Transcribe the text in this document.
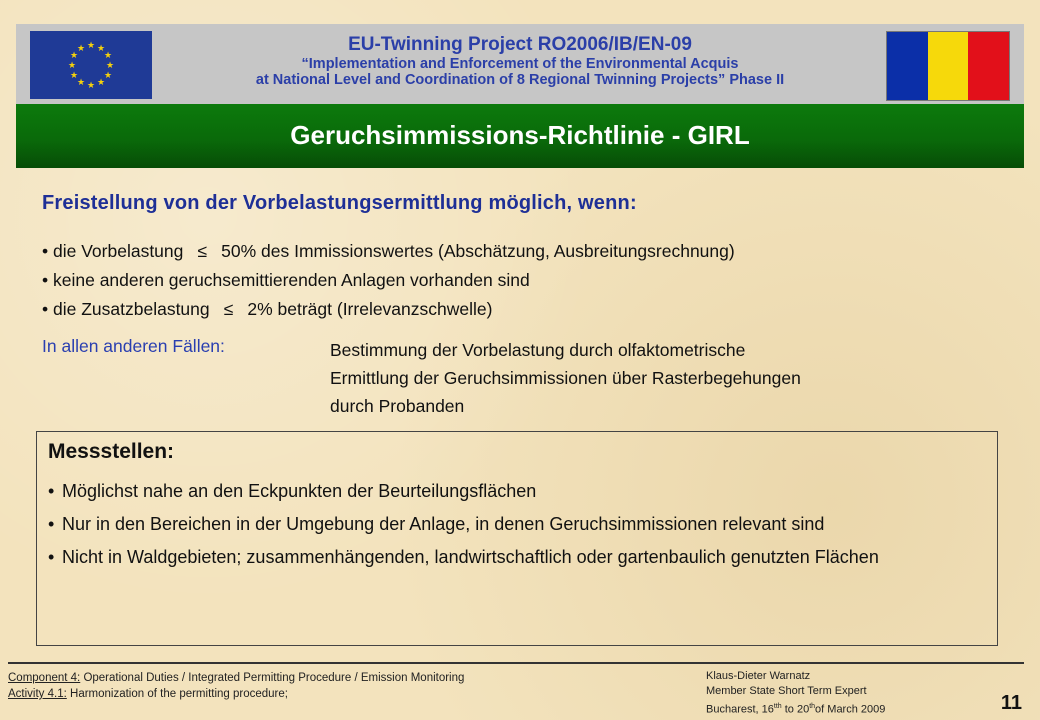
★ ★
★
★
★
★
★
★
★
★
★
★	EU-Twinning Project RO2006/IB/EN-09
“Implementation and Enforcement of the Environmental Acquis
at National Level and Coordination of 8 Regional Twinning Projects” Phase II
Geruchsimmissions-Richtlinie - GIRL
Freistellung von der Vorbelastungsermittlung möglich, wenn:
• die Vorbelastung ≤ 50% des Immissionswertes (Abschätzung, Ausbreitungsrechnung)
• keine anderen geruchsemittierenden Anlagen vorhanden sind
• die Zusatzbelastung ≤ 2% beträgt (Irrelevanzschwelle)
In allen anderen Fällen:	Bestimmung der Vorbelastung durch olfaktometrische
Ermittlung der Geruchsimmissionen über Rasterbegehungen
durch Probanden
Messstellen:
• Möglichst nahe an den Eckpunkten der Beurteilungsflächen
• Nur in den Bereichen in der Umgebung der Anlage, in denen Geruchsimmissionen relevant sind
• Nicht in Waldgebieten; zusammenhängenden, landwirtschaftlich oder gartenbaulich genutzten Flächen
Component 4: Operational Duties / Integrated Permitting Procedure / Emission Monitoring
Activity 4.1: Harmonization of the permitting procedure;
Klaus-Dieter Warnatz
Member State Short Term Expert
Bucharest, $16^{tth}$ to 20thof March 2009	11
